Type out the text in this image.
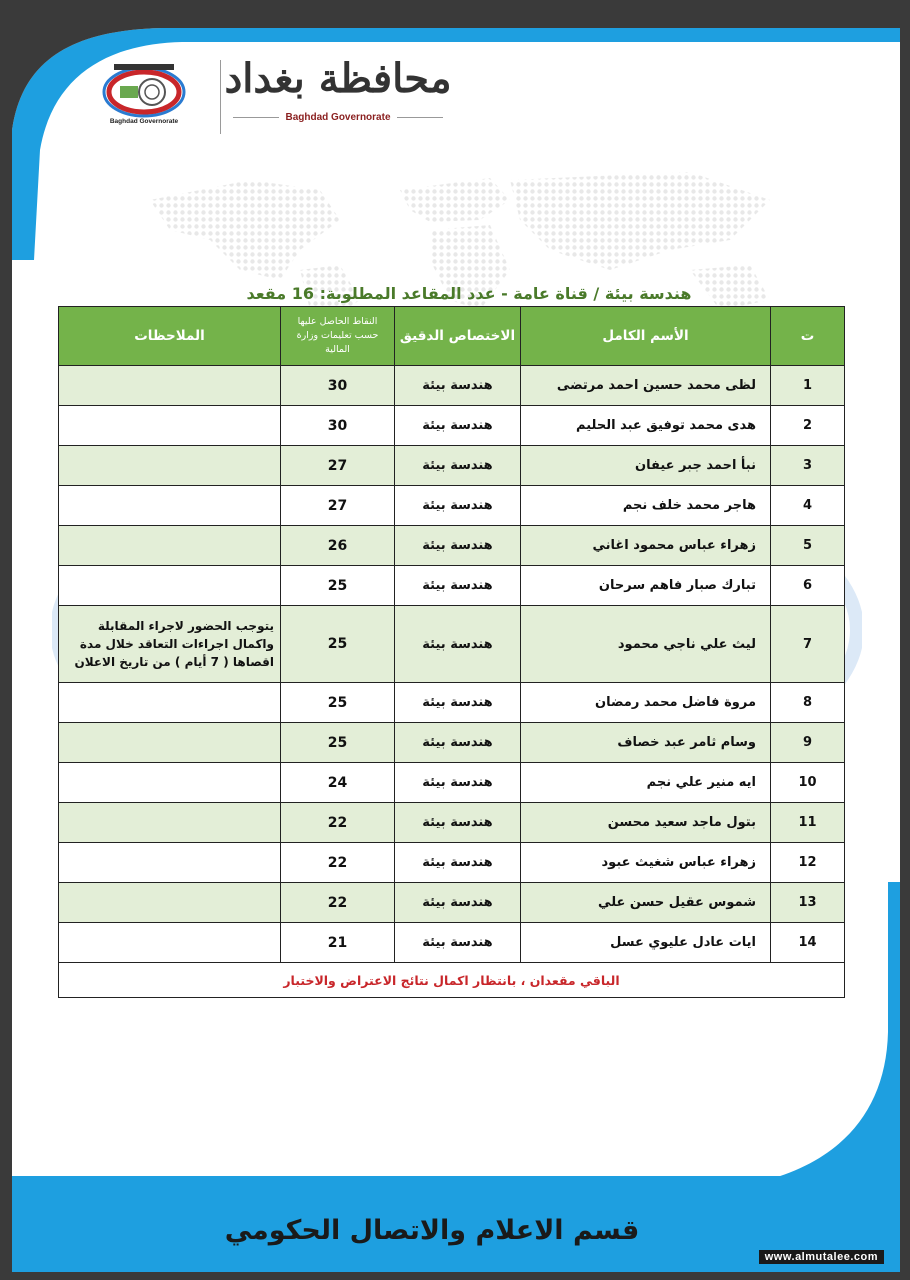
Baghdad Governorate
محافظة بغداد
Baghdad Governorate
هندسة بيئة / قناة عامة - عدد المقاعد المطلوبة: 16 مقعد
ت	الأسم الكامل	الاختصاص الدقيق	النقاط الحاصل عليها حسب تعليمات وزارة المالية	الملاحظات
1	لظى محمد حسين احمد مرتضى	هندسة بيئة	30	
2	هدى محمد توفيق عبد الحليم	هندسة بيئة	30	
3	نبأ احمد جبر عيفان	هندسة بيئة	27	
4	هاجر محمد خلف نجم	هندسة بيئة	27	
5	زهراء عباس محمود اغاني	هندسة بيئة	26	
6	تبارك صبار فاهم سرحان	هندسة بيئة	25	
7	ليث علي ناجي محمود	هندسة بيئة	25	يتوجب الحضور لاجراء المقابلة واكمال اجراءات التعاقد خلال مدة اقصاها ( 7 أيام ) من تاريخ الاعلان
8	مروة فاضل محمد رمضان	هندسة بيئة	25	
9	وسام ثامر عبد خصاف	هندسة بيئة	25	
10	ايه منير علي نجم	هندسة بيئة	24	
11	بتول ماجد سعيد محسن	هندسة بيئة	22	
12	زهراء عباس شغيث عبود	هندسة بيئة	22	
13	شموس عقيل حسن علي	هندسة بيئة	22	
14	ايات عادل عليوي عسل	هندسة بيئة	21	
الباقي مقعدان ، بانتظار اكمال نتائج الاعتراض والاختبار				
قسم الاعلام والاتصال الحكومي
www.almutalee.com
